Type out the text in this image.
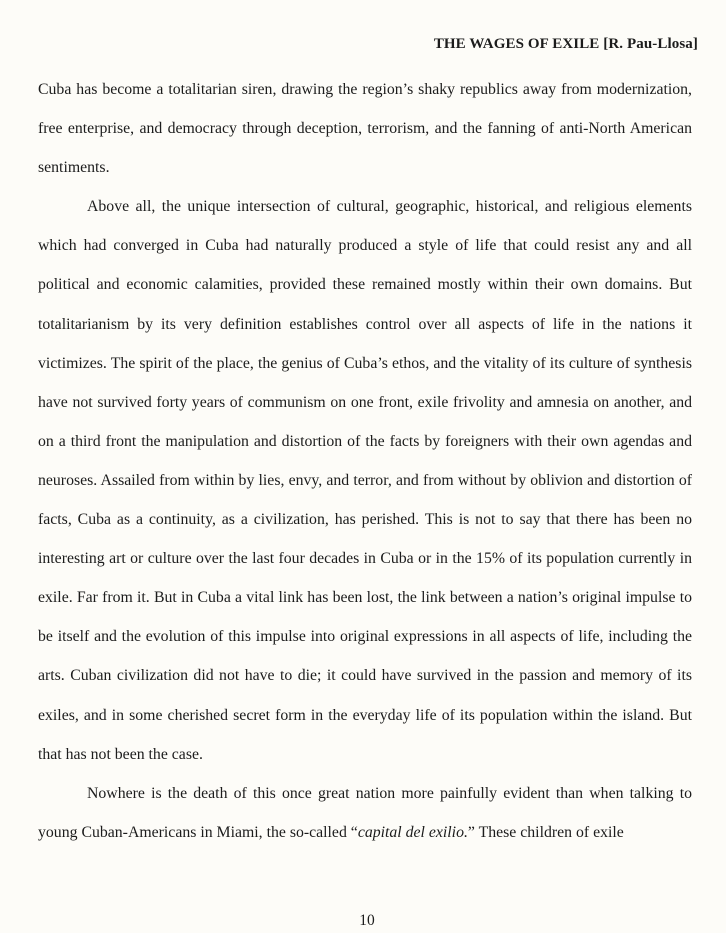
THE WAGES OF EXILE [R. Pau-Llosa]

Cuba has become a totalitarian siren, drawing the region’s shaky republics away from modernization, free enterprise, and democracy through deception, terrorism, and the fanning of anti-North American sentiments.

Above all, the unique intersection of cultural, geographic, historical, and religious elements which had converged in Cuba had naturally produced a style of life that could resist any and all political and economic calamities, provided these remained mostly within their own domains. But totalitarianism by its very definition establishes control over all aspects of life in the nations it victimizes. The spirit of the place, the genius of Cuba’s ethos, and the vitality of its culture of synthesis have not survived forty years of communism on one front, exile frivolity and amnesia on another, and on a third front the manipulation and distortion of the facts by foreigners with their own agendas and neuroses. Assailed from within by lies, envy, and terror, and from without by oblivion and distortion of facts, Cuba as a continuity, as a civilization, has perished. This is not to say that there has been no interesting art or culture over the last four decades in Cuba or in the 15% of its population currently in exile. Far from it. But in Cuba a vital link has been lost, the link between a nation’s original impulse to be itself and the evolution of this impulse into original expressions in all aspects of life, including the arts. Cuban civilization did not have to die; it could have survived in the passion and memory of its exiles, and in some cherished secret form in the everyday life of its population within the island. But that has not been the case.

Nowhere is the death of this once great nation more painfully evident than when talking to young Cuban-Americans in Miami, the so-called “capital del exilio.” These children of exile

10
